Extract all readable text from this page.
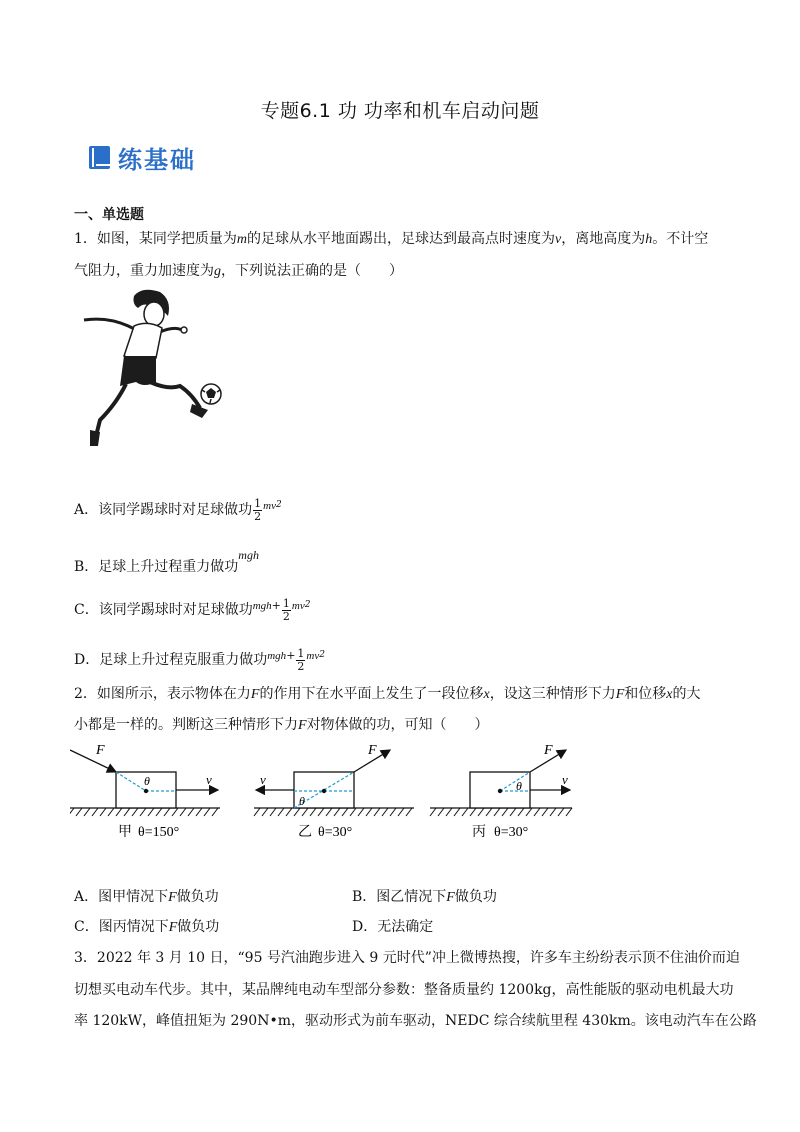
专题6.1 功 功率和机车启动问题
练基础
一、单选题
1．如图，某同学把质量为m的足球从水平地面踢出，足球达到最高点时速度为v，离地高度为h。不计空
气阻力，重力加速度为g，下列说法正确的是（　　）
A．该同学踢球时对足球做功 $\frac{1}{2} ^{mv2}$
B．足球上升过程重力做功mgh
C．该同学踢球时对足球做功$^{mgh+} \frac{1}{2} ^{mv2}$
D．足球上升过程克服重力做功$^{mgh+} \frac{1}{2} ^{mv2}$
2．如图所示，表示物体在力F的作用下在水平面上发生了一段位移x，设这三种情形下力F和位移x的大
小都是一样的。判断这三种情形下力F对物体做的功，可知（　　）
F
v
θ
甲 θ=150°
F
v
θ
乙 θ=30°
F
v
θ
丙 θ=30°
A．图甲情况下F做负功	B．图乙情况下F做负功
C．图丙情况下F做负功	D．无法确定
3．2022 年 3 月 10 日，“95 号汽油跑步进入 9 元时代”冲上微博热搜，许多车主纷纷表示顶不住油价而迫
切想买电动车代步。其中，某品牌纯电动车型部分参数：整备质量约 1200kg，高性能版的驱动电机最大功
率 120kW，峰值扭矩为 290N•m，驱动形式为前车驱动，NEDC 综合续航里程 430km。该电动汽车在公路
